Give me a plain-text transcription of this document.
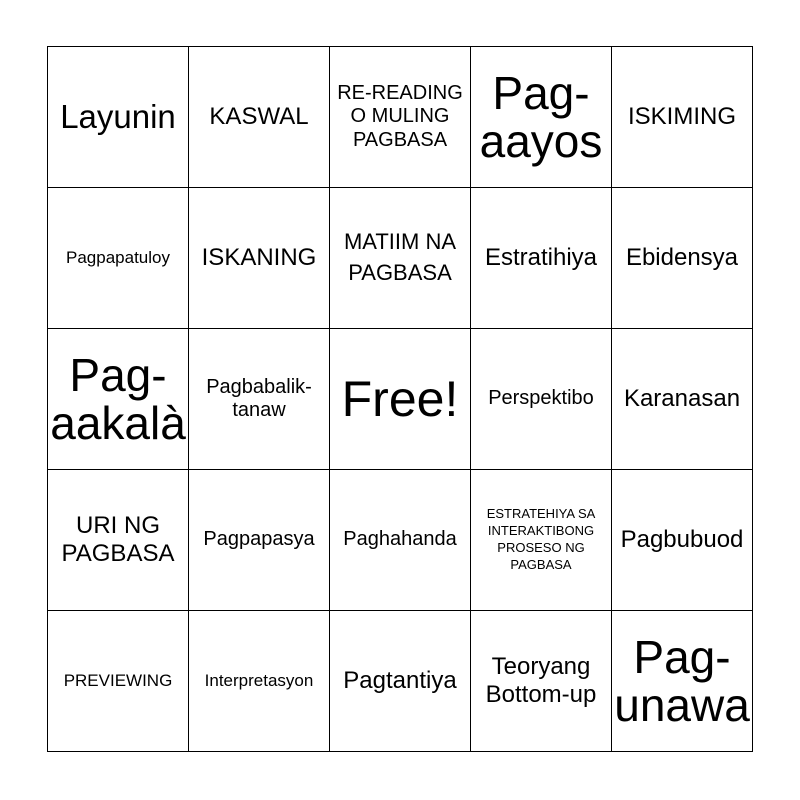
Layunin KASWAL
RE-READING O MULING PAGBASA
Pag-aayos ISKIMING
Pagpapatuloy ISKANING
MATIIM NA PAGBASA
Estratihiya Ebidensya
Pag-aakalà
Pagbabalik-tanaw	Free! Perspektibo Karanasan
URI NG PAGBASA
Pagpapasya Paghahanda
ESTRATEHIYA SA INTERAKTIBONG PROSESO NG PAGBASA
Pagbubuod
PREVIEWING Interpretasyon Pagtantiya
Teoryang Bottom-up
Pag-unawa
